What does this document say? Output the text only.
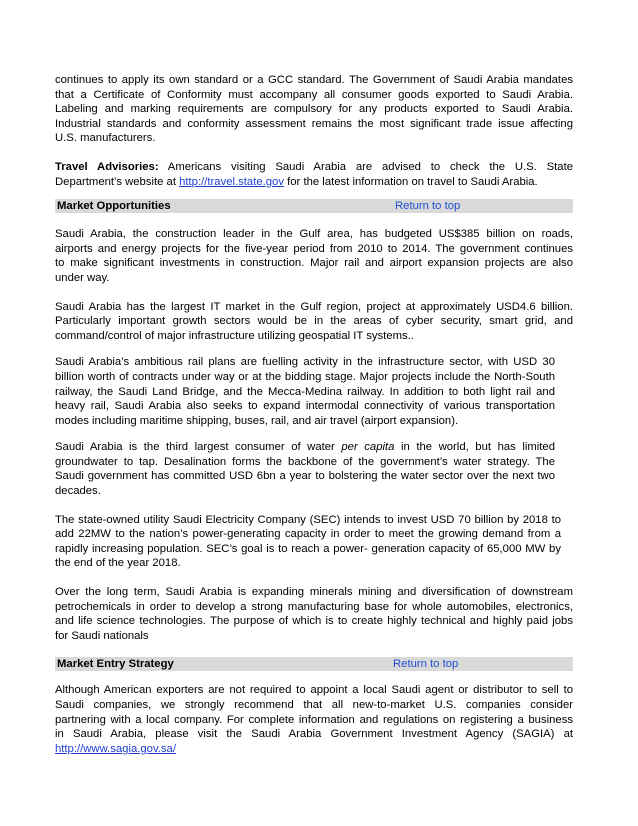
continues to apply its own standard or a GCC standard. The Government of Saudi Arabia mandates

that a Certificate of Conformity must accompany all consumer goods exported to Saudi Arabia.

Labeling and marking requirements are compulsory for any products exported to Saudi Arabia.

Industrial standards and conformity assessment remains the most significant trade issue affecting

U.S. manufacturers.

Travel Advisories: Americans visiting Saudi Arabia are advised to check the U.S. State

Department’s website at http://travel.state.gov for the latest information on travel to Saudi Arabia.

Market Opportunities	Return to top

Saudi Arabia, the construction leader in the Gulf area, has budgeted US$385 billion on roads,

airports and energy projects for the five-year period from 2010 to 2014. The government continues

to make significant investments in construction. Major rail and airport expansion projects are also

under way.

Saudi Arabia has the largest IT market in the Gulf region, project at approximately USD4.6 billion.

Particularly important growth sectors would be in the areas of cyber security, smart grid, and

command/control of major infrastructure utilizing geospatial IT systems..

Saudi Arabia’s ambitious rail plans are fuelling activity in the infrastructure sector, with USD 30

billion worth of contracts under way or at the bidding stage. Major projects include the North-South

railway, the Saudi Land Bridge, and the Mecca-Medina railway. In addition to both light rail and

heavy rail, Saudi Arabia also seeks to expand intermodal connectivity of various transportation

modes including maritime shipping, buses, rail, and air travel (airport expansion).

Saudi Arabia is the third largest consumer of water per capita in the world, but has limited

groundwater to tap. Desalination forms the backbone of the government’s water strategy. The

Saudi government has committed USD 6bn a year to bolstering the water sector over the next two

decades.

The state-owned utility Saudi Electricity Company (SEC) intends to invest USD 70 billion by 2018 to

add 22MW to the nation’s power-generating capacity in order to meet the growing demand from a

rapidly increasing population. SEC’s goal is to reach a power- generation capacity of 65,000 MW by

the end of the year 2018.

Over the long term, Saudi Arabia is expanding minerals mining and diversification of downstream

petrochemicals in order to develop a strong manufacturing base for whole automobiles, electronics,

and life science technologies. The purpose of which is to create highly technical and highly paid jobs

for Saudi nationals

Market Entry Strategy	Return to top

Although American exporters are not required to appoint a local Saudi agent or distributor to sell to

Saudi companies, we strongly recommend that all new-to-market U.S. companies consider

partnering with a local company. For complete information and regulations on registering a business

in Saudi Arabia, please visit the Saudi Arabia Government Investment Agency (SAGIA) at

http://www.sagia.gov.sa/
